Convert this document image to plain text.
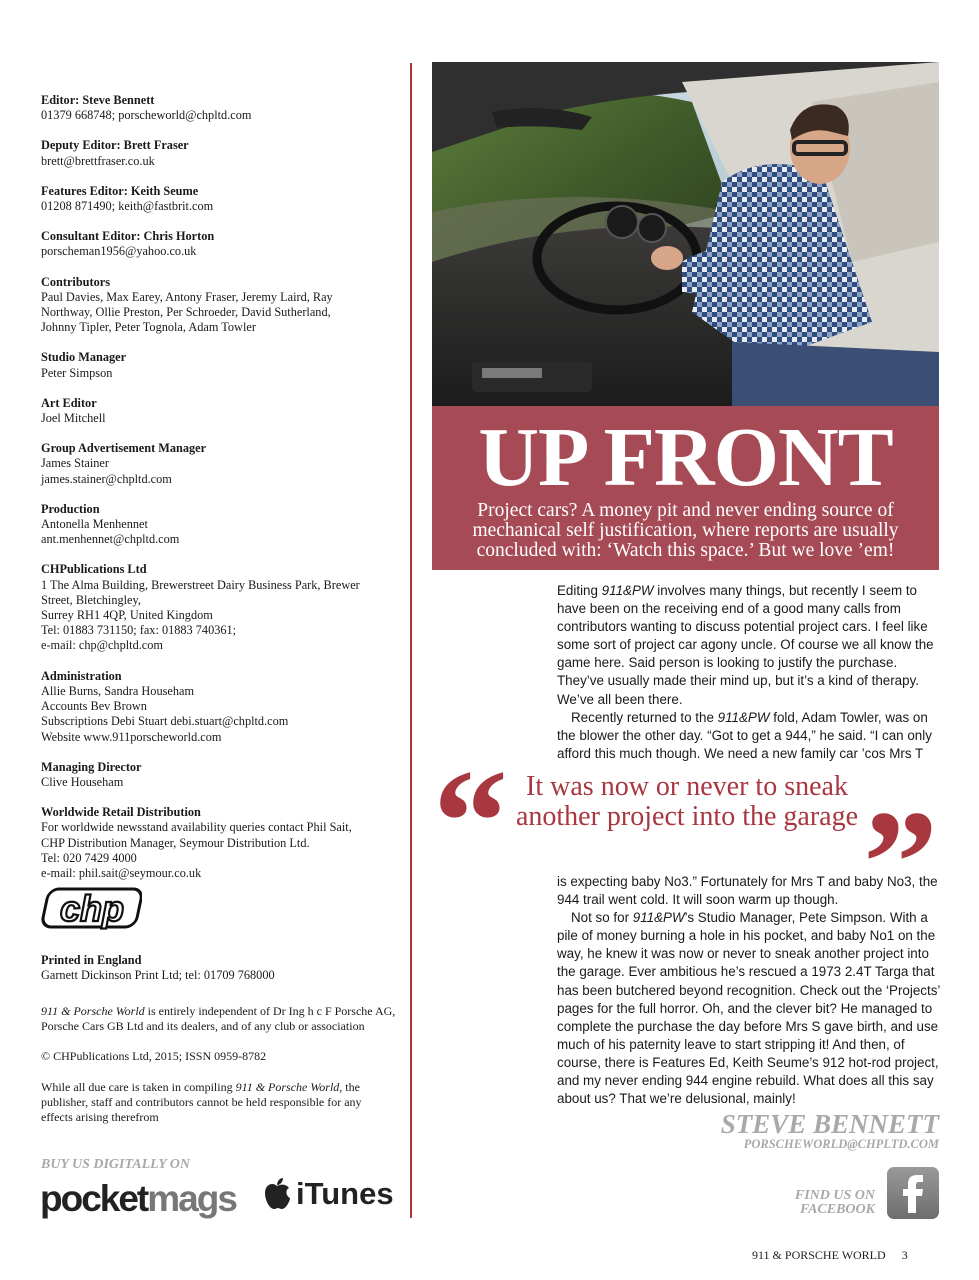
Editor: Steve Bennett
01379 668748; porscheworld@chpltd.com
Deputy Editor: Brett Fraser
brett@brettfraser.co.uk
Features Editor: Keith Seume
01208 871490; keith@fastbrit.com
Consultant Editor: Chris Horton
porscheman1956@yahoo.co.uk
Contributors
Paul Davies, Max Earey, Antony Fraser, Jeremy Laird, Ray
Northway, Ollie Preston, Per Schroeder, David Sutherland,
Johnny Tipler, Peter Tognola, Adam Towler
Studio Manager
Peter Simpson
Art Editor
Joel Mitchell
Group Advertisement Manager
James Stainer
james.stainer@chpltd.com
Production
Antonella Menhennet
ant.menhennet@chpltd.com
CHPublications Ltd
1 The Alma Building, Brewerstreet Dairy Business Park, Brewer
Street, Bletchingley,
Surrey RH1 4QP, United Kingdom
Tel: 01883 731150; fax: 01883 740361;
e-mail: chp@chpltd.com
Administration
Allie Burns, Sandra Househam
Accounts Bev Brown
Subscriptions Debi Stuart debi.stuart@chpltd.com
Website www.911porscheworld.com
Managing Director
Clive Househam
Worldwide Retail Distribution
For worldwide newsstand availability queries contact Phil Sait,
CHP Distribution Manager, Seymour Distribution Ltd.
Tel: 020 7429 4000
e-mail: phil.sait@seymour.co.uk
chp
Printed in England
Garnett Dickinson Print Ltd; tel: 01709 768000

911 & Porsche World is entirely independent of Dr Ing h c F Porsche AG, Porsche Cars GB Ltd and its dealers, and of any club or association

© CHPublications Ltd, 2015; ISSN 0959-8782

While all due care is taken in compiling 911 & Porsche World, the publisher, staff and contributors cannot be held responsible for any effects arising therefrom

BUY US DIGITALLY ON
pocketmags iTunes
UP FRONT
Project cars? A money pit and never ending source of mechanical self justification, where reports are usually concluded with: ‘Watch this space.’ But we love ’em!

Editing 911&PW involves many things, but recently I seem to have been on the receiving end of a good many calls from contributors wanting to discuss potential project cars. I feel like some sort of project car agony uncle. Of course we all know the game here. Said person is looking to justify the purchase. They’ve usually made their mind up, but it’s a kind of therapy. We’ve all been there.

Recently returned to the 911&PW fold, Adam Towler, was on the blower the other day. “Got to get a 944,” he said. “I can only afford this much though. We need a new family car ’cos Mrs T

“ It was now or never to sneak another project into the garage ”

is expecting baby No3.” Fortunately for Mrs T and baby No3, the 944 trail went cold. It will soon warm up though.

Not so for 911&PW’s Studio Manager, Pete Simpson. With a pile of money burning a hole in his pocket, and baby No1 on the way, he knew it was now or never to sneak another project into the garage. Ever ambitious he’s rescued a 1973 2.4T Targa that has been butchered beyond recognition. Check out the ‘Projects’ pages for the full horror. Oh, and the clever bit? He managed to complete the purchase the day before Mrs S gave birth, and use much of his paternity leave to start stripping it! And then, of course, there is Features Ed, Keith Seume’s 912 hot-rod project, and my never ending 944 engine rebuild. What does all this say about us? That we’re delusional, mainly!

STEVE BENNETT
PORSCHEWORLD@CHPLTD.COM
FIND US ON
FACEBOOK
911 & PORSCHE WORLD 3
